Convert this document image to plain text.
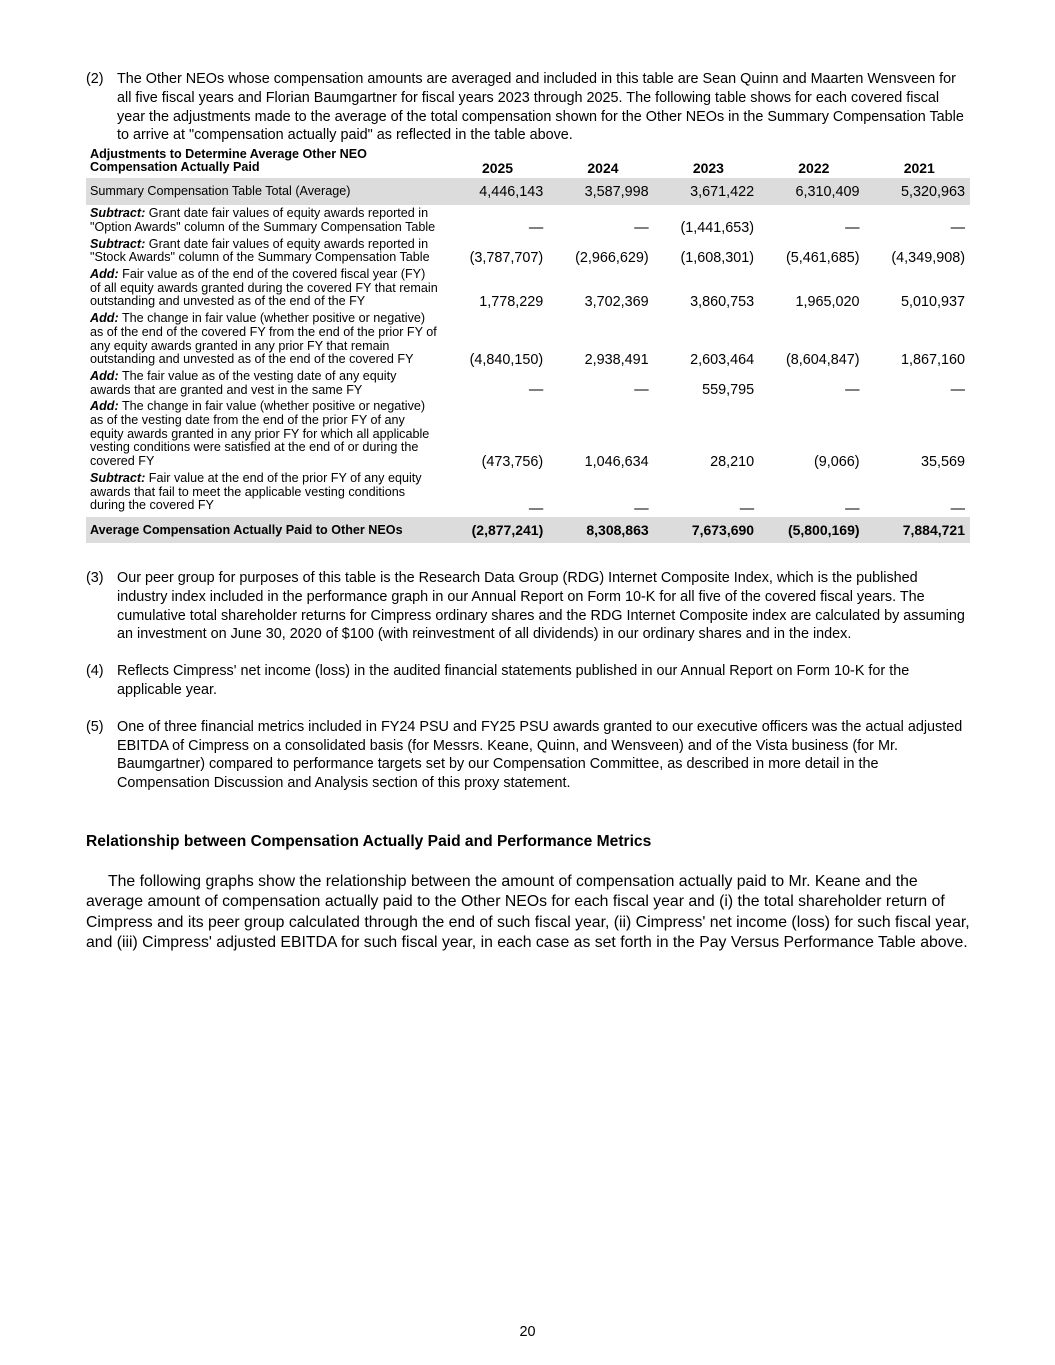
(2) The Other NEOs whose compensation amounts are averaged and included in this table are Sean Quinn and Maarten Wensveen for all five fiscal years and Florian Baumgartner for fiscal years 2023 through 2025. The following table shows for each covered fiscal year the adjustments made to the average of the total compensation shown for the Other NEOs in the Summary Compensation Table to arrive at "compensation actually paid" as reflected in the table above.

Adjustments to Determine Average Other NEO
Compensation Actually Paid	2025	2024	2023	2022	2021
Summary Compensation Table Total (Average)	4,446,143	3,587,998	3,671,422	6,310,409	5,320,963
Subtract: Grant date fair values of equity awards reported in "Option Awards" column of the Summary Compensation Table	—	—	(1,441,653)	—	—
Subtract: Grant date fair values of equity awards reported in "Stock Awards" column of the Summary Compensation Table	(3,787,707)	(2,966,629)	(1,608,301)	(5,461,685)	(4,349,908)
Add: Fair value as of the end of the covered fiscal year (FY) of all equity awards granted during the covered FY that remain outstanding and unvested as of the end of the FY	1,778,229	3,702,369	3,860,753	1,965,020	5,010,937
Add: The change in fair value (whether positive or negative) as of the end of the covered FY from the end of the prior FY of any equity awards granted in any prior FY that remain outstanding and unvested as of the end of the covered FY	(4,840,150)	2,938,491	2,603,464	(8,604,847)	1,867,160
Add: The fair value as of the vesting date of any equity awards that are granted and vest in the same FY	—	—	559,795	—	—
Add: The change in fair value (whether positive or negative) as of the vesting date from the end of the prior FY of any equity awards granted in any prior FY for which all applicable vesting conditions were satisfied at the end of or during the covered FY	(473,756)	1,046,634	28,210	(9,066)	35,569
Subtract: Fair value at the end of the prior FY of any equity awards that fail to meet the applicable vesting conditions during the covered FY	—	—	—	—	—
Average Compensation Actually Paid to Other NEOs	(2,877,241)	8,308,863	7,673,690	(5,800,169)	7,884,721

(3) Our peer group for purposes of this table is the Research Data Group (RDG) Internet Composite Index, which is the published industry index included in the performance graph in our Annual Report on Form 10-K for all five of the covered fiscal years. The cumulative total shareholder returns for Cimpress ordinary shares and the RDG Internet Composite index are calculated by assuming an investment on June 30, 2020 of $100 (with reinvestment of all dividends) in our ordinary shares and in the index.

(4) Reflects Cimpress' net income (loss) in the audited financial statements published in our Annual Report on Form 10-K for the applicable year.

(5) One of three financial metrics included in FY24 PSU and FY25 PSU awards granted to our executive officers was the actual adjusted EBITDA of Cimpress on a consolidated basis (for Messrs. Keane, Quinn, and Wensveen) and of the Vista business (for Mr. Baumgartner) compared to performance targets set by our Compensation Committee, as described in more detail in the Compensation Discussion and Analysis section of this proxy statement.

Relationship between Compensation Actually Paid and Performance Metrics

The following graphs show the relationship between the amount of compensation actually paid to Mr. Keane and the average amount of compensation actually paid to the Other NEOs for each fiscal year and (i) the total shareholder return of Cimpress and its peer group calculated through the end of such fiscal year, (ii) Cimpress' net income (loss) for such fiscal year, and (iii) Cimpress' adjusted EBITDA for such fiscal year, in each case as set forth in the Pay Versus Performance Table above.

20
